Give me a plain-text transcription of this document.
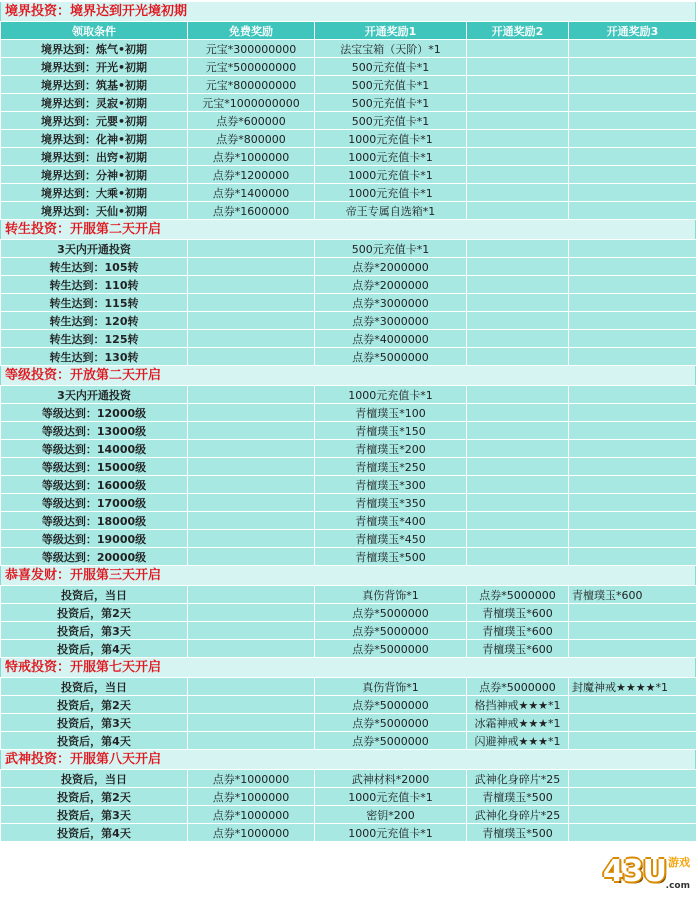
境界投资：境界达到开光境初期
领取条件	免费奖励	开通奖励1	开通奖励2	开通奖励3
境界达到：炼气•初期	元宝*300000000	法宝宝箱（天阶）*1		
境界达到：开光•初期	元宝*500000000	500元充值卡*1		
境界达到：筑基•初期	元宝*800000000	500元充值卡*1		
境界达到：灵寂•初期	元宝*1000000000	500元充值卡*1		
境界达到：元婴•初期	点券*600000	500元充值卡*1		
境界达到：化神•初期	点券*800000	1000元充值卡*1		
境界达到：出窍•初期	点券*1000000	1000元充值卡*1		
境界达到：分神•初期	点券*1200000	1000元充值卡*1		
境界达到：大乘•初期	点券*1400000	1000元充值卡*1		
境界达到：天仙•初期	点券*1600000	帝王专属自选箱*1		
转生投资：开服第二天开启
3天内开通投资		500元充值卡*1		
转生达到：105转		点券*2000000		
转生达到：110转		点券*2000000		
转生达到：115转		点券*3000000		
转生达到：120转		点券*3000000		
转生达到：125转		点券*4000000		
转生达到：130转		点券*5000000		
等级投资：开放第二天开启
3天内开通投资		1000元充值卡*1		
等级达到：12000级		青檀璞玉*100		
等级达到：13000级		青檀璞玉*150		
等级达到：14000级		青檀璞玉*200		
等级达到：15000级		青檀璞玉*250		
等级达到：16000级		青檀璞玉*300		
等级达到：17000级		青檀璞玉*350		
等级达到：18000级		青檀璞玉*400		
等级达到：19000级		青檀璞玉*450		
等级达到：20000级		青檀璞玉*500		
恭喜发财：开服第三天开启
投资后，当日		真伤背饰*1	点券*5000000	青檀璞玉*600
投资后，第2天		点券*5000000	青檀璞玉*600	
投资后，第3天		点券*5000000	青檀璞玉*600	
投资后，第4天		点券*5000000	青檀璞玉*600	
特戒投资：开服第七天开启
投资后，当日		真伤背饰*1	点券*5000000	封魔神戒★★★★*1
投资后，第2天		点券*5000000	格挡神戒★★★*1	
投资后，第3天		点券*5000000	冰霜神戒★★★*1	
投资后，第4天		点券*5000000	闪避神戒★★★*1	
武神投资：开服第八天开启
投资后，当日	点券*1000000	武神材料*2000	武神化身碎片*25	
投资后，第2天	点券*1000000	1000元充值卡*1	青檀璞玉*500	
投资后，第3天	点券*1000000	密钥*200	武神化身碎片*25	
投资后，第4天	点券*1000000	1000元充值卡*1	青檀璞玉*500	
43U 游戏
.com
